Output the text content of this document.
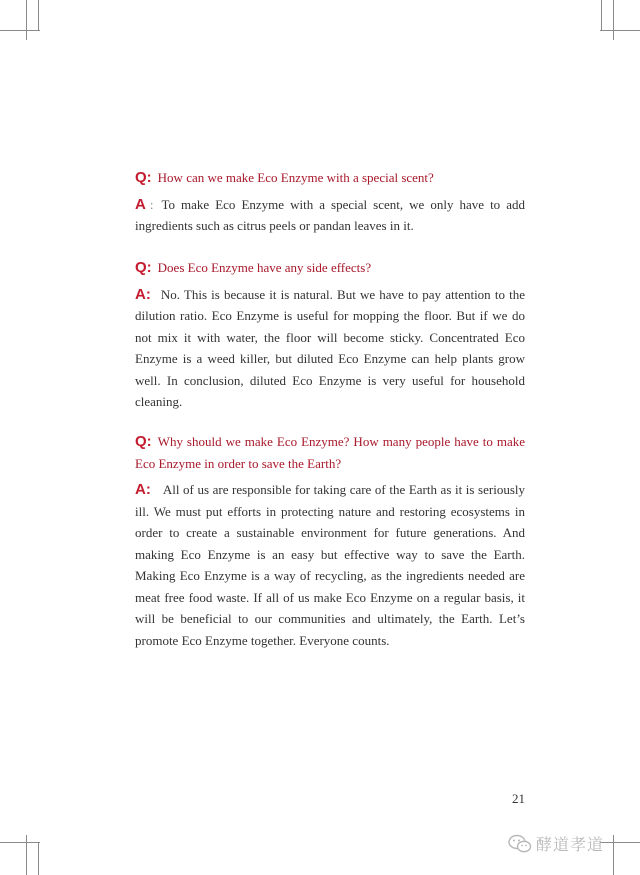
Q: How can we make Eco Enzyme with a special scent?
A : To make Eco Enzyme with a special scent, we only have to add ingredients such as citrus peels or pandan leaves in it.
Q: Does Eco Enzyme have any side effects?
A: No. This is because it is natural. But we have to pay attention to the dilution ratio. Eco Enzyme is useful for mopping the floor. But if we do not mix it with water, the floor will become sticky. Concentrated Eco Enzyme is a weed killer, but diluted Eco Enzyme can help plants grow well. In conclusion, diluted Eco Enzyme is very useful for household cleaning.
Q: Why should we make Eco Enzyme? How many people have to make Eco Enzyme in order to save the Earth?
A: All of us are responsible for taking care of the Earth as it is seriously ill. We must put efforts in protecting nature and restoring ecosystems in order to create a sustainable environment for future generations. And making Eco Enzyme is an easy but effective way to save the Earth. Making Eco Enzyme is a way of recycling, as the ingredients needed are meat free food waste. If all of us make Eco Enzyme on a regular basis, it will be beneficial to our communities and ultimately, the Earth. Let’s promote Eco Enzyme together. Everyone counts.
21
酵道孝道
